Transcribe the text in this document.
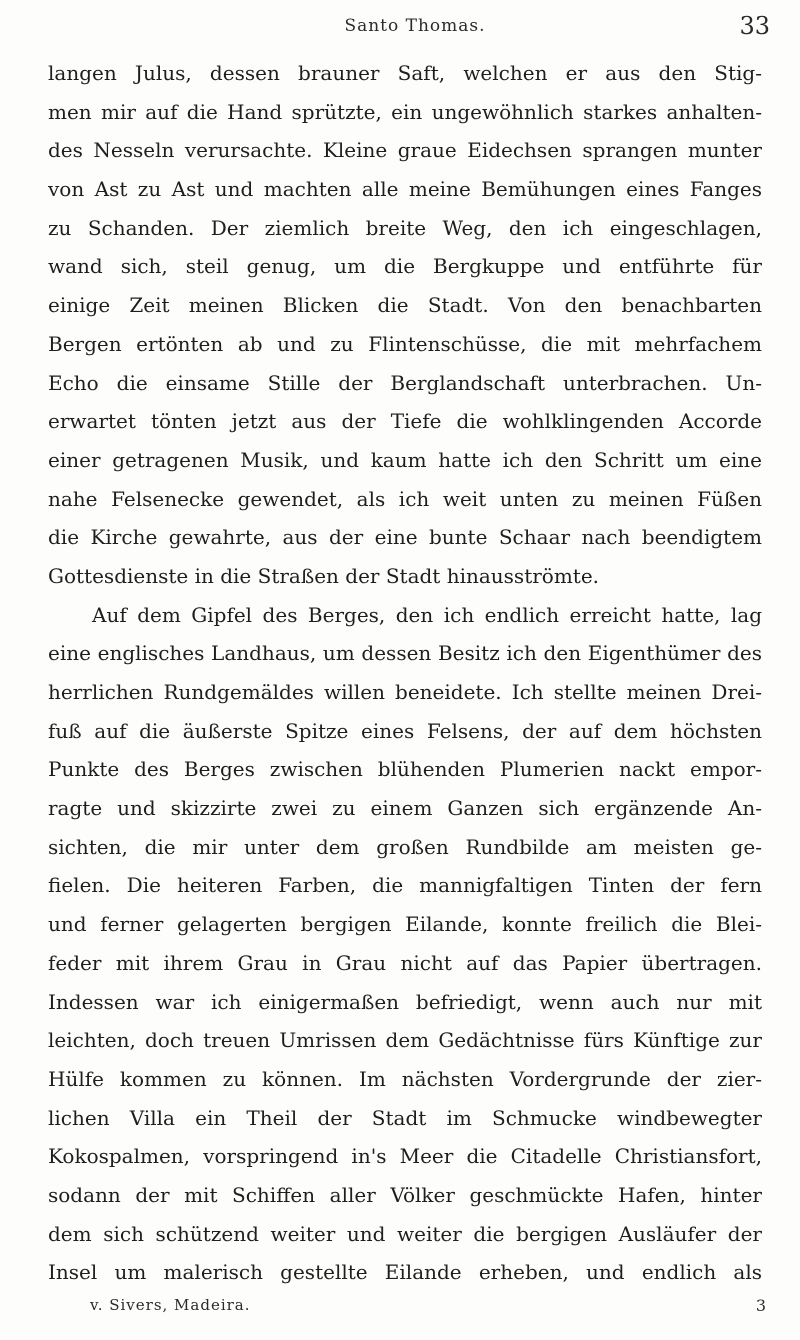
Santo Thomas.	33
langen Julus, dessen brauner Saft, welchen er aus den Stig-
men mir auf die Hand sprützte, ein ungewöhnlich starkes anhalten-
des Nesseln verursachte. Kleine graue Eidechsen sprangen munter
von Ast zu Ast und machten alle meine Bemühungen eines Fanges
zu Schanden. Der ziemlich breite Weg, den ich eingeschlagen,
wand sich, steil genug, um die Bergkuppe und entführte für
einige Zeit meinen Blicken die Stadt. Von den benachbarten
Bergen ertönten ab und zu Flintenschüsse, die mit mehrfachem
Echo die einsame Stille der Berglandschaft unterbrachen. Un-
erwartet tönten jetzt aus der Tiefe die wohlklingenden Accorde
einer getragenen Musik, und kaum hatte ich den Schritt um eine
nahe Felsenecke gewendet, als ich weit unten zu meinen Füßen
die Kirche gewahrte, aus der eine bunte Schaar nach beendigtem
Gottesdienste in die Straßen der Stadt hinausströmte.
Auf dem Gipfel des Berges, den ich endlich erreicht hatte, lag
eine englisches Landhaus, um dessen Besitz ich den Eigenthümer des
herrlichen Rundgemäldes willen beneidete. Ich stellte meinen Drei-
fuß auf die äußerste Spitze eines Felsens, der auf dem höchsten
Punkte des Berges zwischen blühenden Plumerien nackt empor-
ragte und skizzirte zwei zu einem Ganzen sich ergänzende An-
sichten, die mir unter dem großen Rundbilde am meisten ge-
fielen. Die heiteren Farben, die mannigfaltigen Tinten der fern
und ferner gelagerten bergigen Eilande, konnte freilich die Blei-
feder mit ihrem Grau in Grau nicht auf das Papier übertragen.
Indessen war ich einigermaßen befriedigt, wenn auch nur mit
leichten, doch treuen Umrissen dem Gedächtnisse fürs Künftige zur
Hülfe kommen zu können. Im nächsten Vordergrunde der zier-
lichen Villa ein Theil der Stadt im Schmucke windbewegter
Kokospalmen, vorspringend in's Meer die Citadelle Christiansfort,
sodann der mit Schiffen aller Völker geschmückte Hafen, hinter
dem sich schützend weiter und weiter die bergigen Ausläufer der
Insel um malerisch gestellte Eilande erheben, und endlich als
v. Sivers, Madeira.	3
